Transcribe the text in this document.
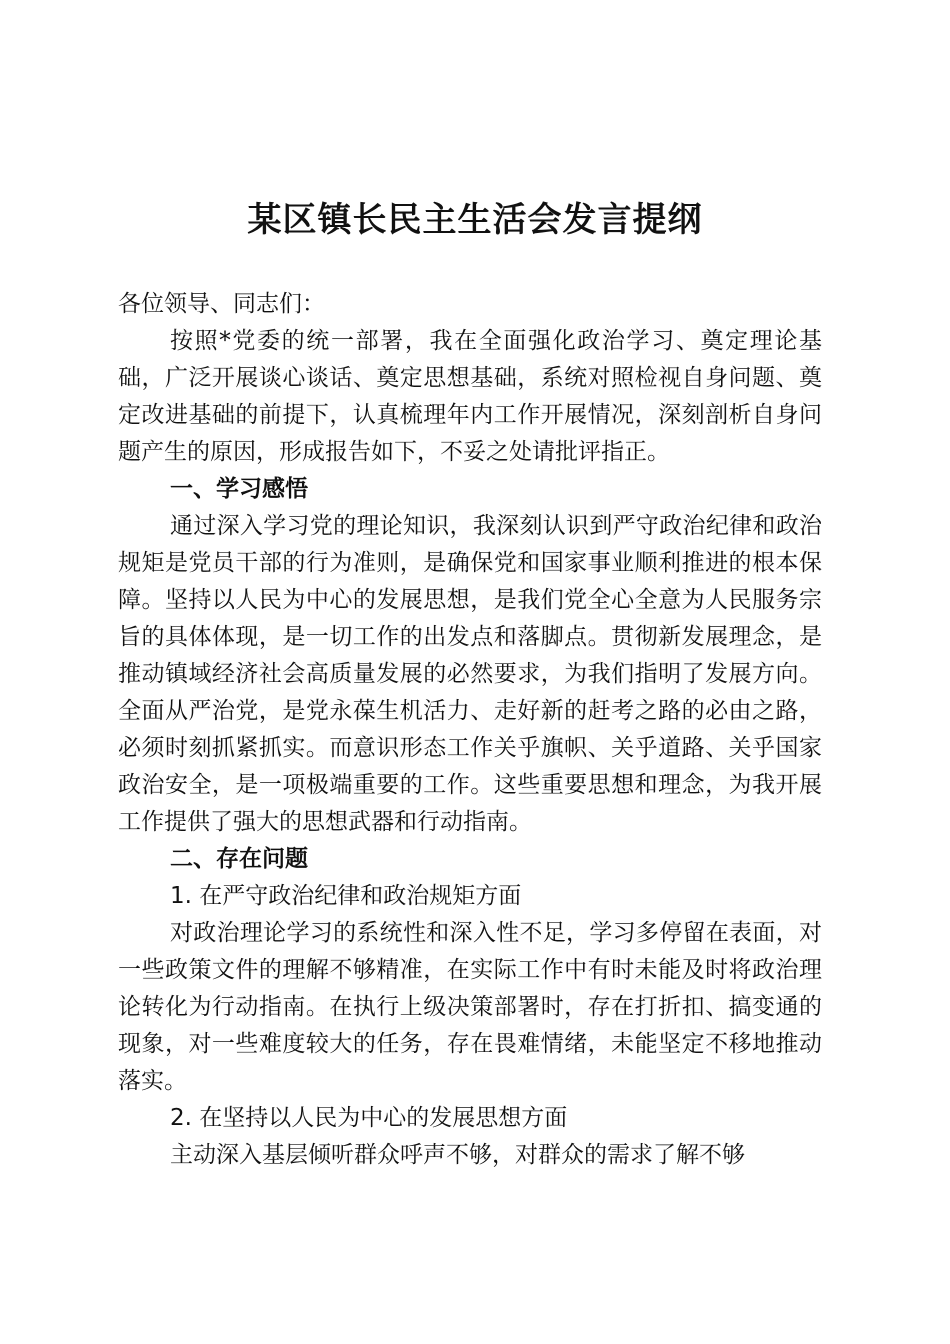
某区镇长民主生活会发言提纲

各位领导、同志们：

按照*党委的统一部署，我在全面强化政治学习、奠定理论基础，广泛开展谈心谈话、奠定思想基础，系统对照检视自身问题、奠定改进基础的前提下，认真梳理年内工作开展情况，深刻剖析自身问题产生的原因，形成报告如下，不妥之处请批评指正。

一、学习感悟

通过深入学习党的理论知识，我深刻认识到严守政治纪律和政治规矩是党员干部的行为准则，是确保党和国家事业顺利推进的根本保障。坚持以人民为中心的发展思想，是我们党全心全意为人民服务宗旨的具体体现，是一切工作的出发点和落脚点。贯彻新发展理念，是推动镇域经济社会高质量发展的必然要求，为我们指明了发展方向。全面从严治党，是党永葆生机活力、走好新的赶考之路的必由之路，必须时刻抓紧抓实。而意识形态工作关乎旗帜、关乎道路、关乎国家政治安全，是一项极端重要的工作。这些重要思想和理念，为我开展工作提供了强大的思想武器和行动指南。

二、存在问题

1. 在严守政治纪律和政治规矩方面

对政治理论学习的系统性和深入性不足，学习多停留在表面，对一些政策文件的理解不够精准，在实际工作中有时未能及时将政治理论转化为行动指南。在执行上级决策部署时，存在打折扣、搞变通的现象，对一些难度较大的任务，存在畏难情绪，未能坚定不移地推动落实。

2. 在坚持以人民为中心的发展思想方面

主动深入基层倾听群众呼声不够，对群众的需求了解不够
